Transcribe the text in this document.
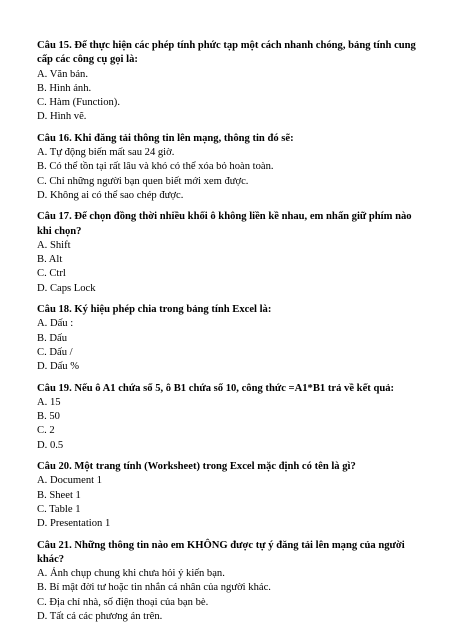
Câu 15. Để thực hiện các phép tính phức tạp một cách nhanh chóng, bảng tính cung cấp các công cụ gọi là:

A. Văn bản.

B. Hình ảnh.

C. Hàm (Function).

D. Hình vẽ.

Câu 16. Khi đăng tải thông tin lên mạng, thông tin đó sẽ:

A. Tự động biến mất sau 24 giờ.

B. Có thể tồn tại rất lâu và khó có thể xóa bỏ hoàn toàn.

C. Chỉ những người bạn quen biết mới xem được.

D. Không ai có thể sao chép được.

Câu 17. Để chọn đồng thời nhiều khối ô không liền kề nhau, em nhấn giữ phím nào khi chọn?

A. Shift

B. Alt

C. Ctrl

D. Caps Lock

Câu 18. Ký hiệu phép chia trong bảng tính Excel là:

A. Dấu :

B. Dấu

C. Dấu /

D. Dấu %

Câu 19. Nếu ô A1 chứa số 5, ô B1 chứa số 10, công thức =A1*B1 trả về kết quả:

A. 15

B. 50

C. 2

D. 0.5

Câu 20. Một trang tính (Worksheet) trong Excel mặc định có tên là gì?

A. Document 1

B. Sheet 1

C. Table 1

D. Presentation 1

Câu 21. Những thông tin nào em KHÔNG được tự ý đăng tải lên mạng của người khác?

A. Ảnh chụp chung khi chưa hỏi ý kiến bạn.

B. Bí mật đời tư hoặc tin nhắn cá nhân của người khác.

C. Địa chỉ nhà, số điện thoại của bạn bè.

D. Tất cả các phương án trên.
